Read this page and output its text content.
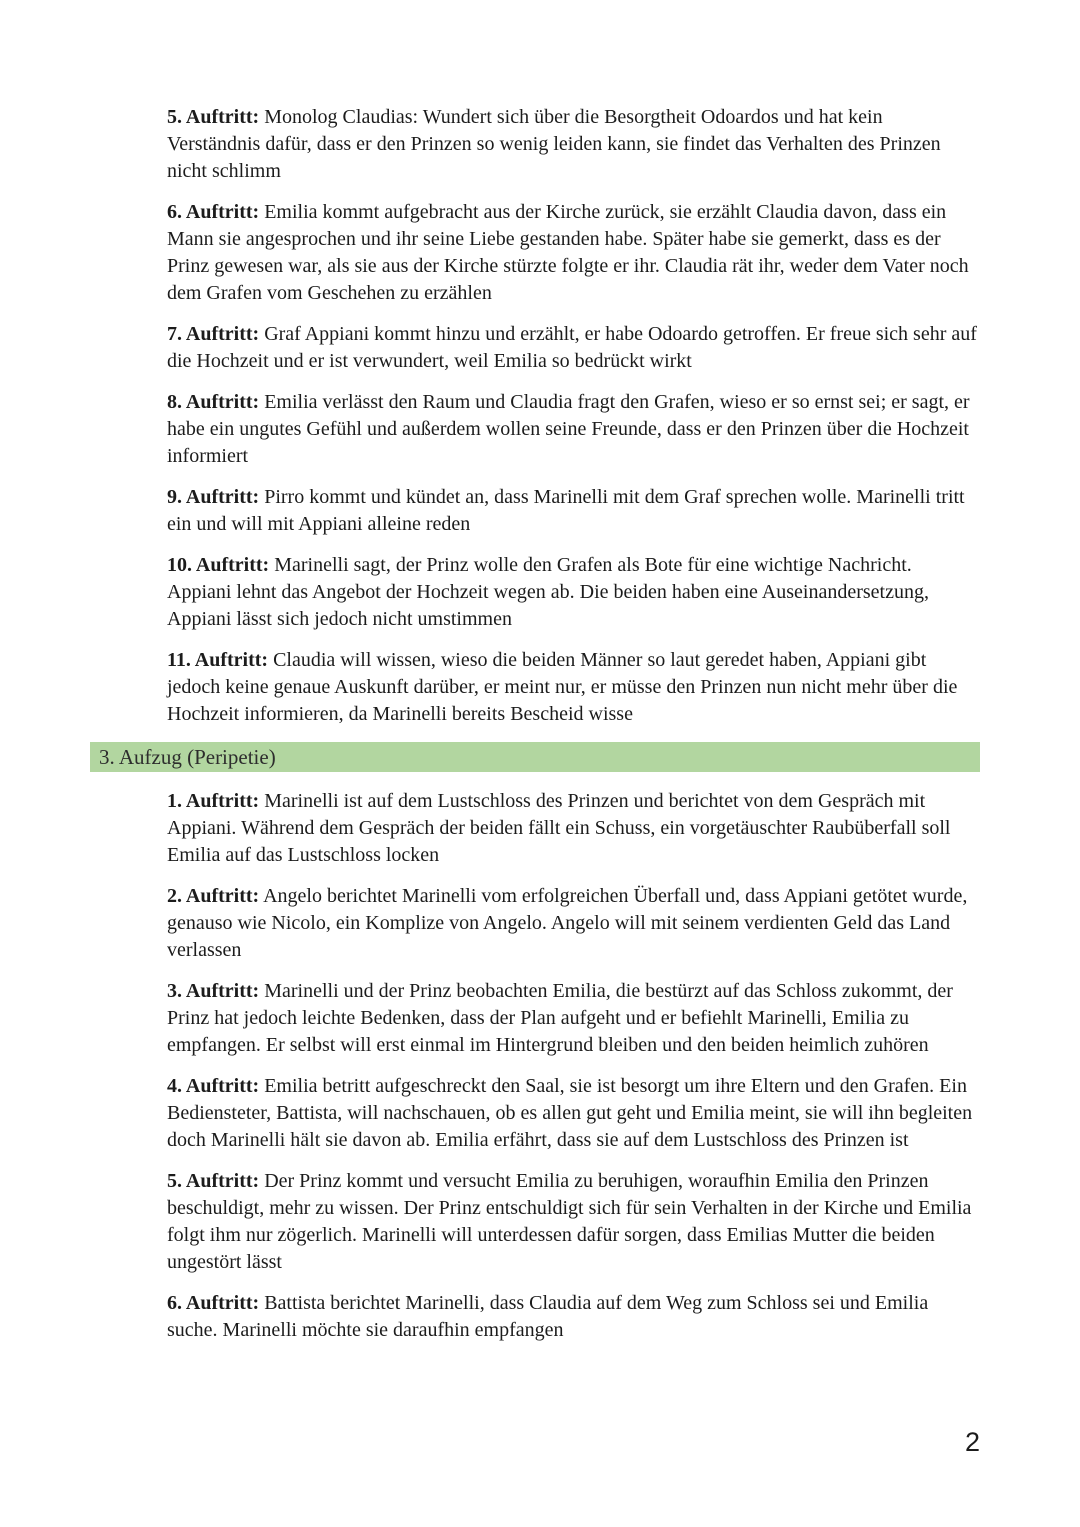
5. Auftritt: Monolog Claudias: Wundert sich über die Besorgtheit Odoardos und hat kein Verständnis dafür, dass er den Prinzen so wenig leiden kann, sie findet das Verhalten des Prinzen nicht schlimm

6. Auftritt: Emilia kommt aufgebracht aus der Kirche zurück, sie erzählt Claudia davon, dass ein Mann sie angesprochen und ihr seine Liebe gestanden habe. Später habe sie gemerkt, dass es der Prinz gewesen war, als sie aus der Kirche stürzte folgte er ihr. Claudia rät ihr, weder dem Vater noch dem Grafen vom Geschehen zu erzählen

7. Auftritt: Graf Appiani kommt hinzu und erzählt, er habe Odoardo getroffen. Er freue sich sehr auf die Hochzeit und er ist verwundert, weil Emilia so bedrückt wirkt

8. Auftritt: Emilia verlässt den Raum und Claudia fragt den Grafen, wieso er so ernst sei; er sagt, er habe ein ungutes Gefühl und außerdem wollen seine Freunde, dass er den Prinzen über die Hochzeit informiert

9. Auftritt: Pirro kommt und kündet an, dass Marinelli mit dem Graf sprechen wolle. Marinelli tritt ein und will mit Appiani alleine reden

10. Auftritt: Marinelli sagt, der Prinz wolle den Grafen als Bote für eine wichtige Nachricht. Appiani lehnt das Angebot der Hochzeit wegen ab. Die beiden haben eine Auseinandersetzung, Appiani lässt sich jedoch nicht umstimmen

11. Auftritt: Claudia will wissen, wieso die beiden Männer so laut geredet haben, Appiani gibt jedoch keine genaue Auskunft darüber, er meint nur, er müsse den Prinzen nun nicht mehr über die Hochzeit informieren, da Marinelli bereits Bescheid wisse

3. Aufzug (Peripetie)

1. Auftritt: Marinelli ist auf dem Lustschloss des Prinzen und berichtet von dem Gespräch mit Appiani. Während dem Gespräch der beiden fällt ein Schuss, ein vorgetäuschter Raubüberfall soll Emilia auf das Lustschloss locken

2. Auftritt: Angelo berichtet Marinelli vom erfolgreichen Überfall und, dass Appiani getötet wurde, genauso wie Nicolo, ein Komplize von Angelo. Angelo will mit seinem verdienten Geld das Land verlassen

3. Auftritt: Marinelli und der Prinz beobachten Emilia, die bestürzt auf das Schloss zukommt, der Prinz hat jedoch leichte Bedenken, dass der Plan aufgeht und er befiehlt Marinelli, Emilia zu empfangen. Er selbst will erst einmal im Hintergrund bleiben und den beiden heimlich zuhören

4. Auftritt: Emilia betritt aufgeschreckt den Saal, sie ist besorgt um ihre Eltern und den Grafen. Ein Bediensteter, Battista, will nachschauen, ob es allen gut geht und Emilia meint, sie will ihn begleiten doch Marinelli hält sie davon ab. Emilia erfährt, dass sie auf dem Lustschloss des Prinzen ist

5. Auftritt: Der Prinz kommt und versucht Emilia zu beruhigen, woraufhin Emilia den Prinzen beschuldigt, mehr zu wissen. Der Prinz entschuldigt sich für sein Verhalten in der Kirche und Emilia folgt ihm nur zögerlich. Marinelli will unterdessen dafür sorgen, dass Emilias Mutter die beiden ungestört lässt

6. Auftritt: Battista berichtet Marinelli, dass Claudia auf dem Weg zum Schloss sei und Emilia suche. Marinelli möchte sie daraufhin empfangen

2
